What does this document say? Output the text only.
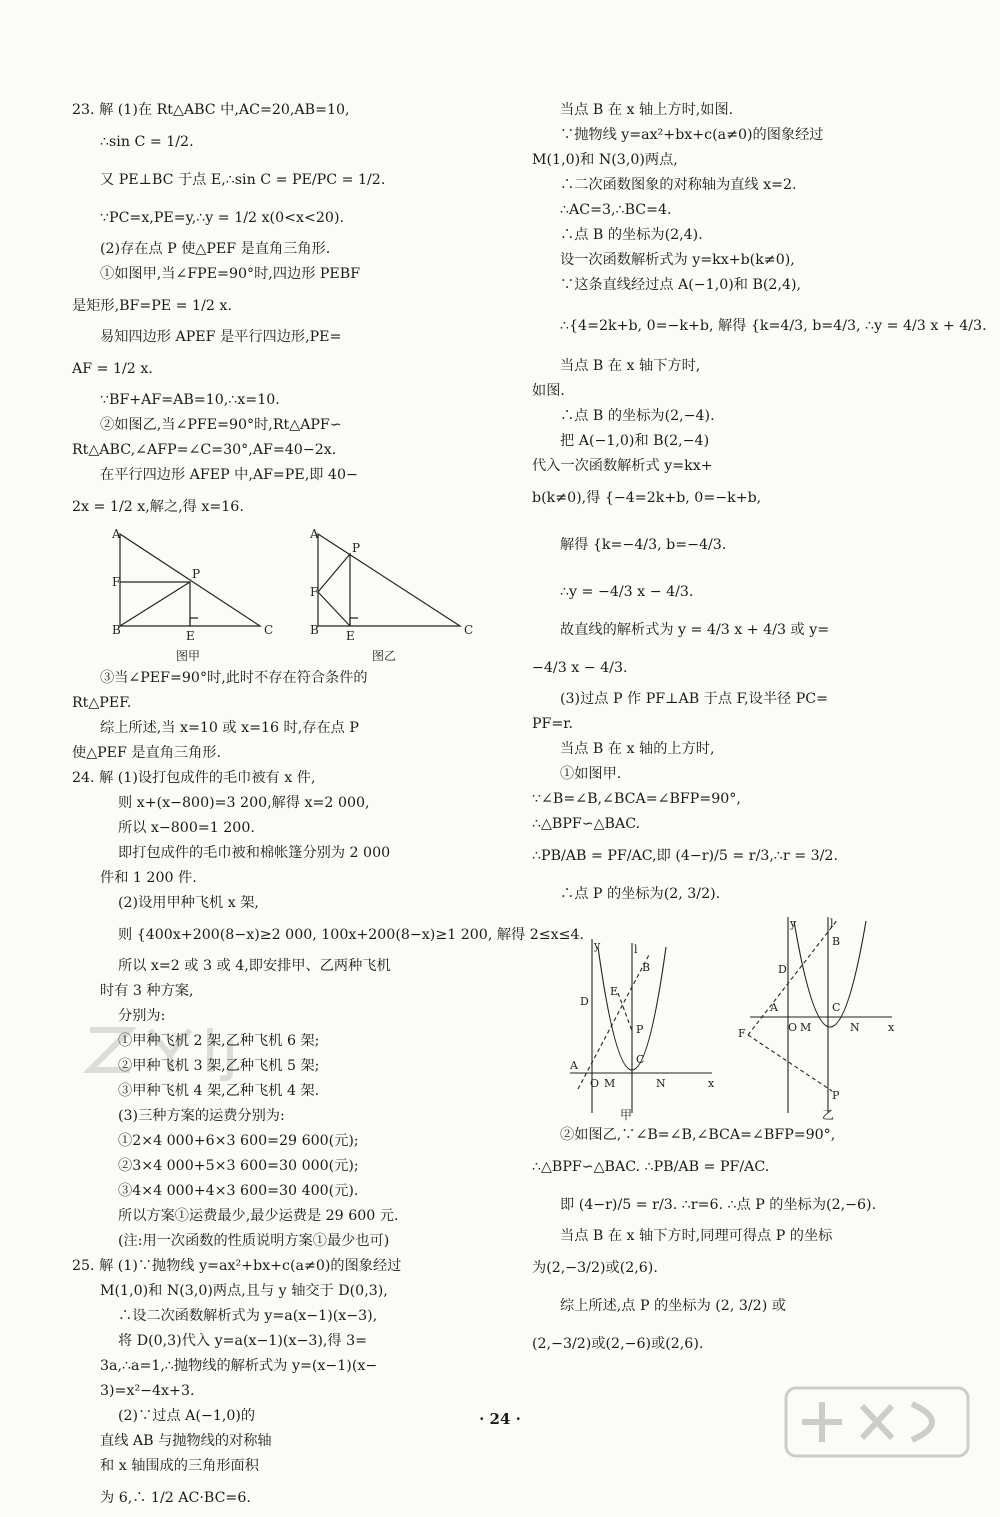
23. 解 (1)在 Rt△ABC 中,AC=20,AB=10,
∴sin C = 1/2.
又 PE⊥BC 于点 E,∴sin C = PE/PC = 1/2.
∵PC=x,PE=y,∴y = 1/2 x(0<x<20).
(2)存在点 P 使△PEF 是直角三角形.
①如图甲,当∠FPE=90°时,四边形 PEBF
是矩形,BF=PE = 1/2 x.
易知四边形 APEF 是平行四边形,PE=
AF = 1/2 x.
∵BF+AF=AB=10,∴x=10.
②如图乙,当∠PFE=90°时,Rt△APF∽
Rt△ABC,∠AFP=∠C=30°,AF=40−2x.
在平行四边形 AFEP 中,AF=PE,即 40−
2x = 1/2 x,解之,得 x=16.
A
F
B
P
E	C
图甲
A
F
B
P
E	C
图乙
③当∠PEF=90°时,此时不存在符合条件的
Rt△PEF.
综上所述,当 x=10 或 x=16 时,存在点 P
使△PEF 是直角三角形.
24. 解 (1)设打包成件的毛巾被有 x 件,
则 x+(x−800)=3 200,解得 x=2 000,
所以 x−800=1 200.
即打包成件的毛巾被和棉帐篷分别为 2 000
件和 1 200 件.
(2)设用甲种飞机 x 架,
则 {400x+200(8−x)≥2 000, 100x+200(8−x)≥1 200, 解得 2≤x≤4.
所以 x=2 或 3 或 4,即安排甲、乙两种飞机
时有 3 种方案,
分别为:
①甲种飞机 2 架,乙种飞机 6 架;
②甲种飞机 3 架,乙种飞机 5 架;
③甲种飞机 4 架,乙种飞机 4 架.
(3)三种方案的运费分别为:
①2×4 000+6×3 600=29 600(元);
②3×4 000+5×3 600=30 000(元);
③4×4 000+4×3 600=30 400(元).
所以方案①运费最少,最少运费是 29 600 元.
(注:用一次函数的性质说明方案①最少也可)
25. 解 (1)∵抛物线 y=ax²+bx+c(a≠0)的图象经过
M(1,0)和 N(3,0)两点,且与 y 轴交于 D(0,3),
∴设二次函数解析式为 y=a(x−1)(x−3),
将 D(0,3)代入 y=a(x−1)(x−3),得 3=
3a,∴a=1,∴抛物线的解析式为 y=(x−1)(x−
3)=x²−4x+3.
(2)∵过点 A(−1,0)的
直线 AB 与抛物线的对称轴
和 x 轴围成的三角形面积
为 6,∴ 1/2 AC·BC=6.
当点 B 在 x 轴上方时,如图.
∵抛物线 y=ax²+bx+c(a≠0)的图象经过
M(1,0)和 N(3,0)两点,
∴二次函数图象的对称轴为直线 x=2.
∴AC=3,∴BC=4.
∴点 B 的坐标为(2,4).
设一次函数解析式为 y=kx+b(k≠0),
∵这条直线经过点 A(−1,0)和 B(2,4),
∴{4=2k+b, 0=−k+b, 解得 {k=4/3, b=4/3, ∴y = 4/3 x + 4/3.
当点 B 在 x 轴下方时,
如图.
∴点 B 的坐标为(2,−4).
把 A(−1,0)和 B(2,−4)
代入一次函数解析式 y=kx+
b(k≠0),得 {−4=2k+b, 0=−k+b,
解得 {k=−4/3, b=−4/3.
∴y = −4/3 x − 4/3.
故直线的解析式为 y = 4/3 x + 4/3 或 y=
−4/3 x − 4/3.
(3)过点 P 作 PF⊥AB 于点 F,设半径 PC=
PF=r.
当点 B 在 x 轴的上方时,
①如图甲.
∵∠B=∠B,∠BCA=∠BFP=90°,
∴△BPF∽△BAC.
∴PB/AB = PF/AC,即 (4−r)/5 = r/3,∴r = 3/2.
∴点 P 的坐标为(2, 3/2).
x
y	l
B
D
E
P
C
A
O M	N
甲
x
y	l
B
D
C
A
O M	N
F
P
乙
②如图乙,∵∠B=∠B,∠BCA=∠BFP=90°,
∴△BPF∽△BAC. ∴PB/AB = PF/AC.
即 (4−r)/5 = r/3. ∴r=6. ∴点 P 的坐标为(2,−6).
当点 B 在 x 轴下方时,同理可得点 P 的坐标
为(2,−3/2)或(2,6).
综上所述,点 P 的坐标为 (2, 3/2) 或
(2,−3/2)或(2,−6)或(2,6).
· 24 ·
